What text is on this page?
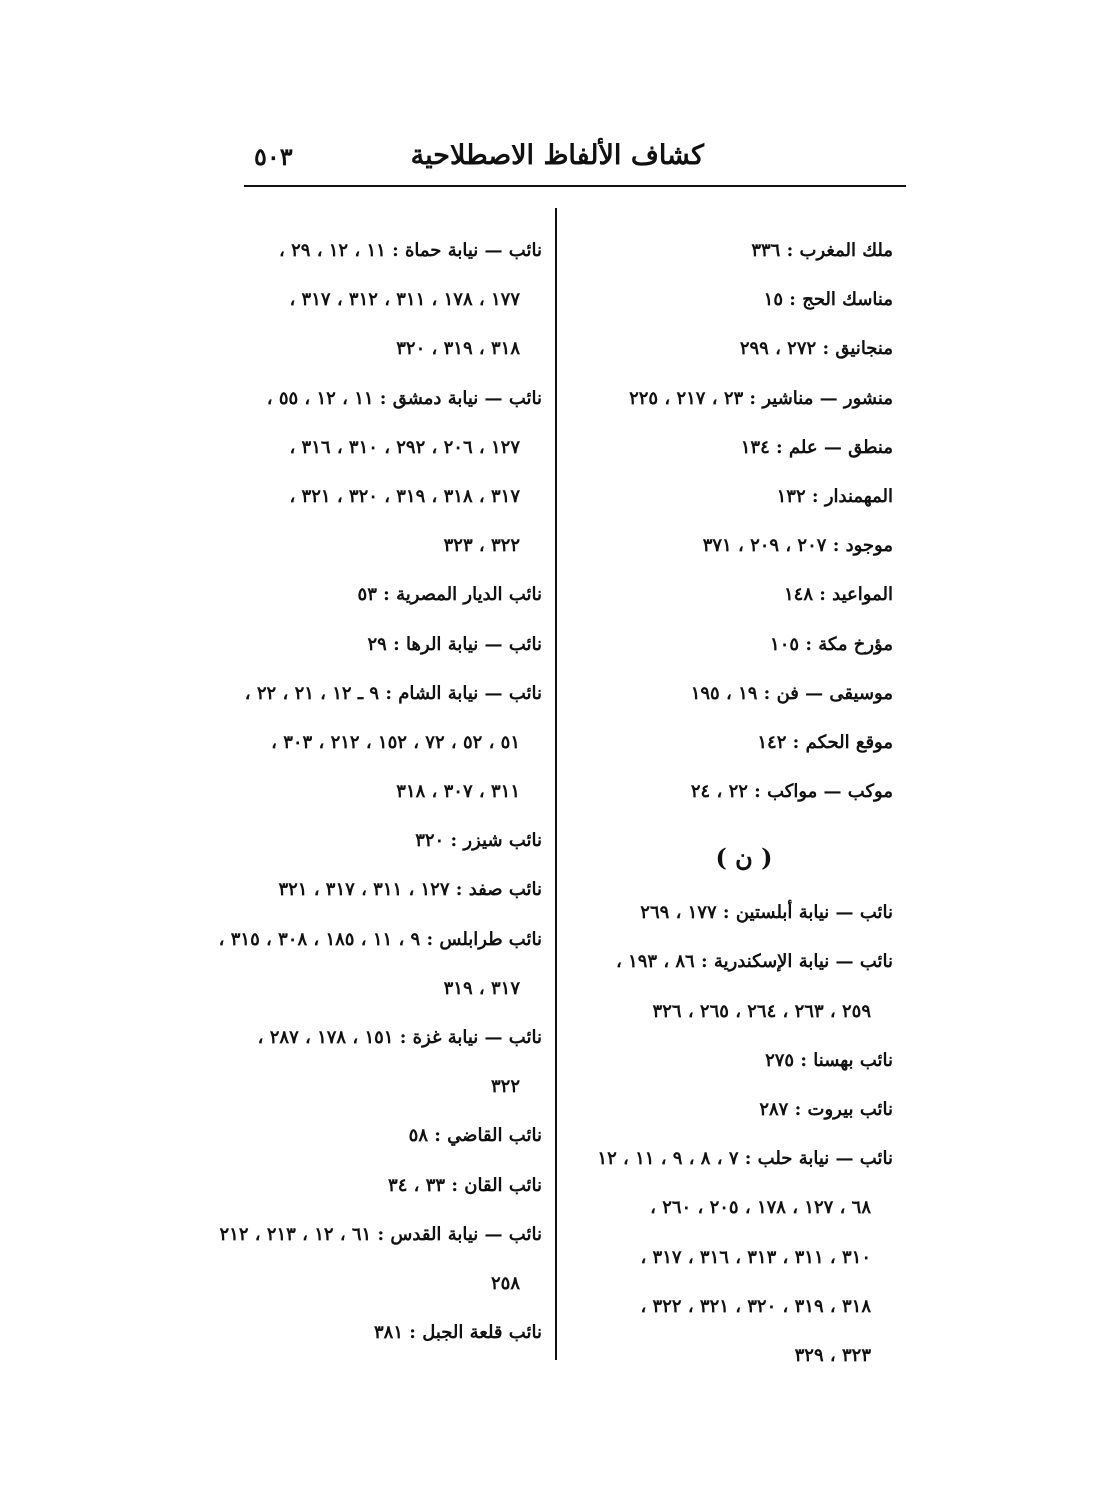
كشاف الألفاظ الاصطلاحية
٥٠٣
ملك المغرب : ٣٣٦
مناسك الحج : ١٥
منجانيق : ٢٧٢ ، ٢٩٩
منشور — مناشير : ٢٣ ، ٢١٧ ، ٢٢٥
منطق — علم : ١٣٤
المهمندار : ١٣٢
موجود : ٢٠٧ ، ٢٠٩ ، ٣٧١
المواعيد : ١٤٨
مؤرخ مكة : ١٠٥
موسيقى — فن : ١٩ ، ١٩٥
موقع الحكم : ١٤٢
موكب — مواكب : ٢٢ ، ٢٤
( ن )
نائب — نيابة أبلستين : ١٧٧ ، ٢٦٩
نائب — نيابة الإسكندرية : ٨٦ ، ١٩٣ ،
٢٥٩ ، ٢٦٣ ، ٢٦٤ ، ٢٦٥ ، ٣٢٦
نائب بهسنا : ٢٧٥
نائب بيروت : ٢٨٧
نائب — نيابة حلب : ٧ ، ٨ ، ٩ ، ١١ ، ١٢
٦٨ ، ١٢٧ ، ١٧٨ ، ٢٠٥ ، ٢٦٠ ،
٣١٠ ، ٣١١ ، ٣١٣ ، ٣١٦ ، ٣١٧ ،
٣١٨ ، ٣١٩ ، ٣٢٠ ، ٣٢١ ، ٣٢٢ ،
٣٢٣ ، ٣٢٩
نائب — نيابة حماة : ١١ ، ١٢ ، ٢٩ ،
١٧٧ ، ١٧٨ ، ٣١١ ، ٣١٢ ، ٣١٧ ،
٣١٨ ، ٣١٩ ، ٣٢٠
نائب — نيابة دمشق : ١١ ، ١٢ ، ٥٥ ،
١٢٧ ، ٢٠٦ ، ٢٩٢ ، ٣١٠ ، ٣١٦ ،
٣١٧ ، ٣١٨ ، ٣١٩ ، ٣٢٠ ، ٣٢١ ،
٣٢٢ ، ٣٢٣
نائب الديار المصرية : ٥٣
نائب — نيابة الرها : ٢٩
نائب — نيابة الشام : ٩ ـ ١٢ ، ٢١ ، ٢٢ ،
٥١ ، ٥٢ ، ٧٢ ، ١٥٢ ، ٢١٢ ، ٣٠٣ ،
٣١١ ، ٣٠٧ ، ٣١٨
نائب شيزر : ٣٢٠
نائب صفد : ١٢٧ ، ٣١١ ، ٣١٧ ، ٣٢١
نائب طرابلس : ٩ ، ١١ ، ١٨٥ ، ٣٠٨ ، ٣١٥ ،
٣١٧ ، ٣١٩
نائب — نيابة غزة : ١٥١ ، ١٧٨ ، ٢٨٧ ،
٣٢٢
نائب القاضي : ٥٨
نائب القان : ٣٣ ، ٣٤
نائب — نيابة القدس : ٦١ ، ١٢ ، ٢١٣ ، ٢١٢
٢٥٨
نائب قلعة الجبل : ٣٨١
